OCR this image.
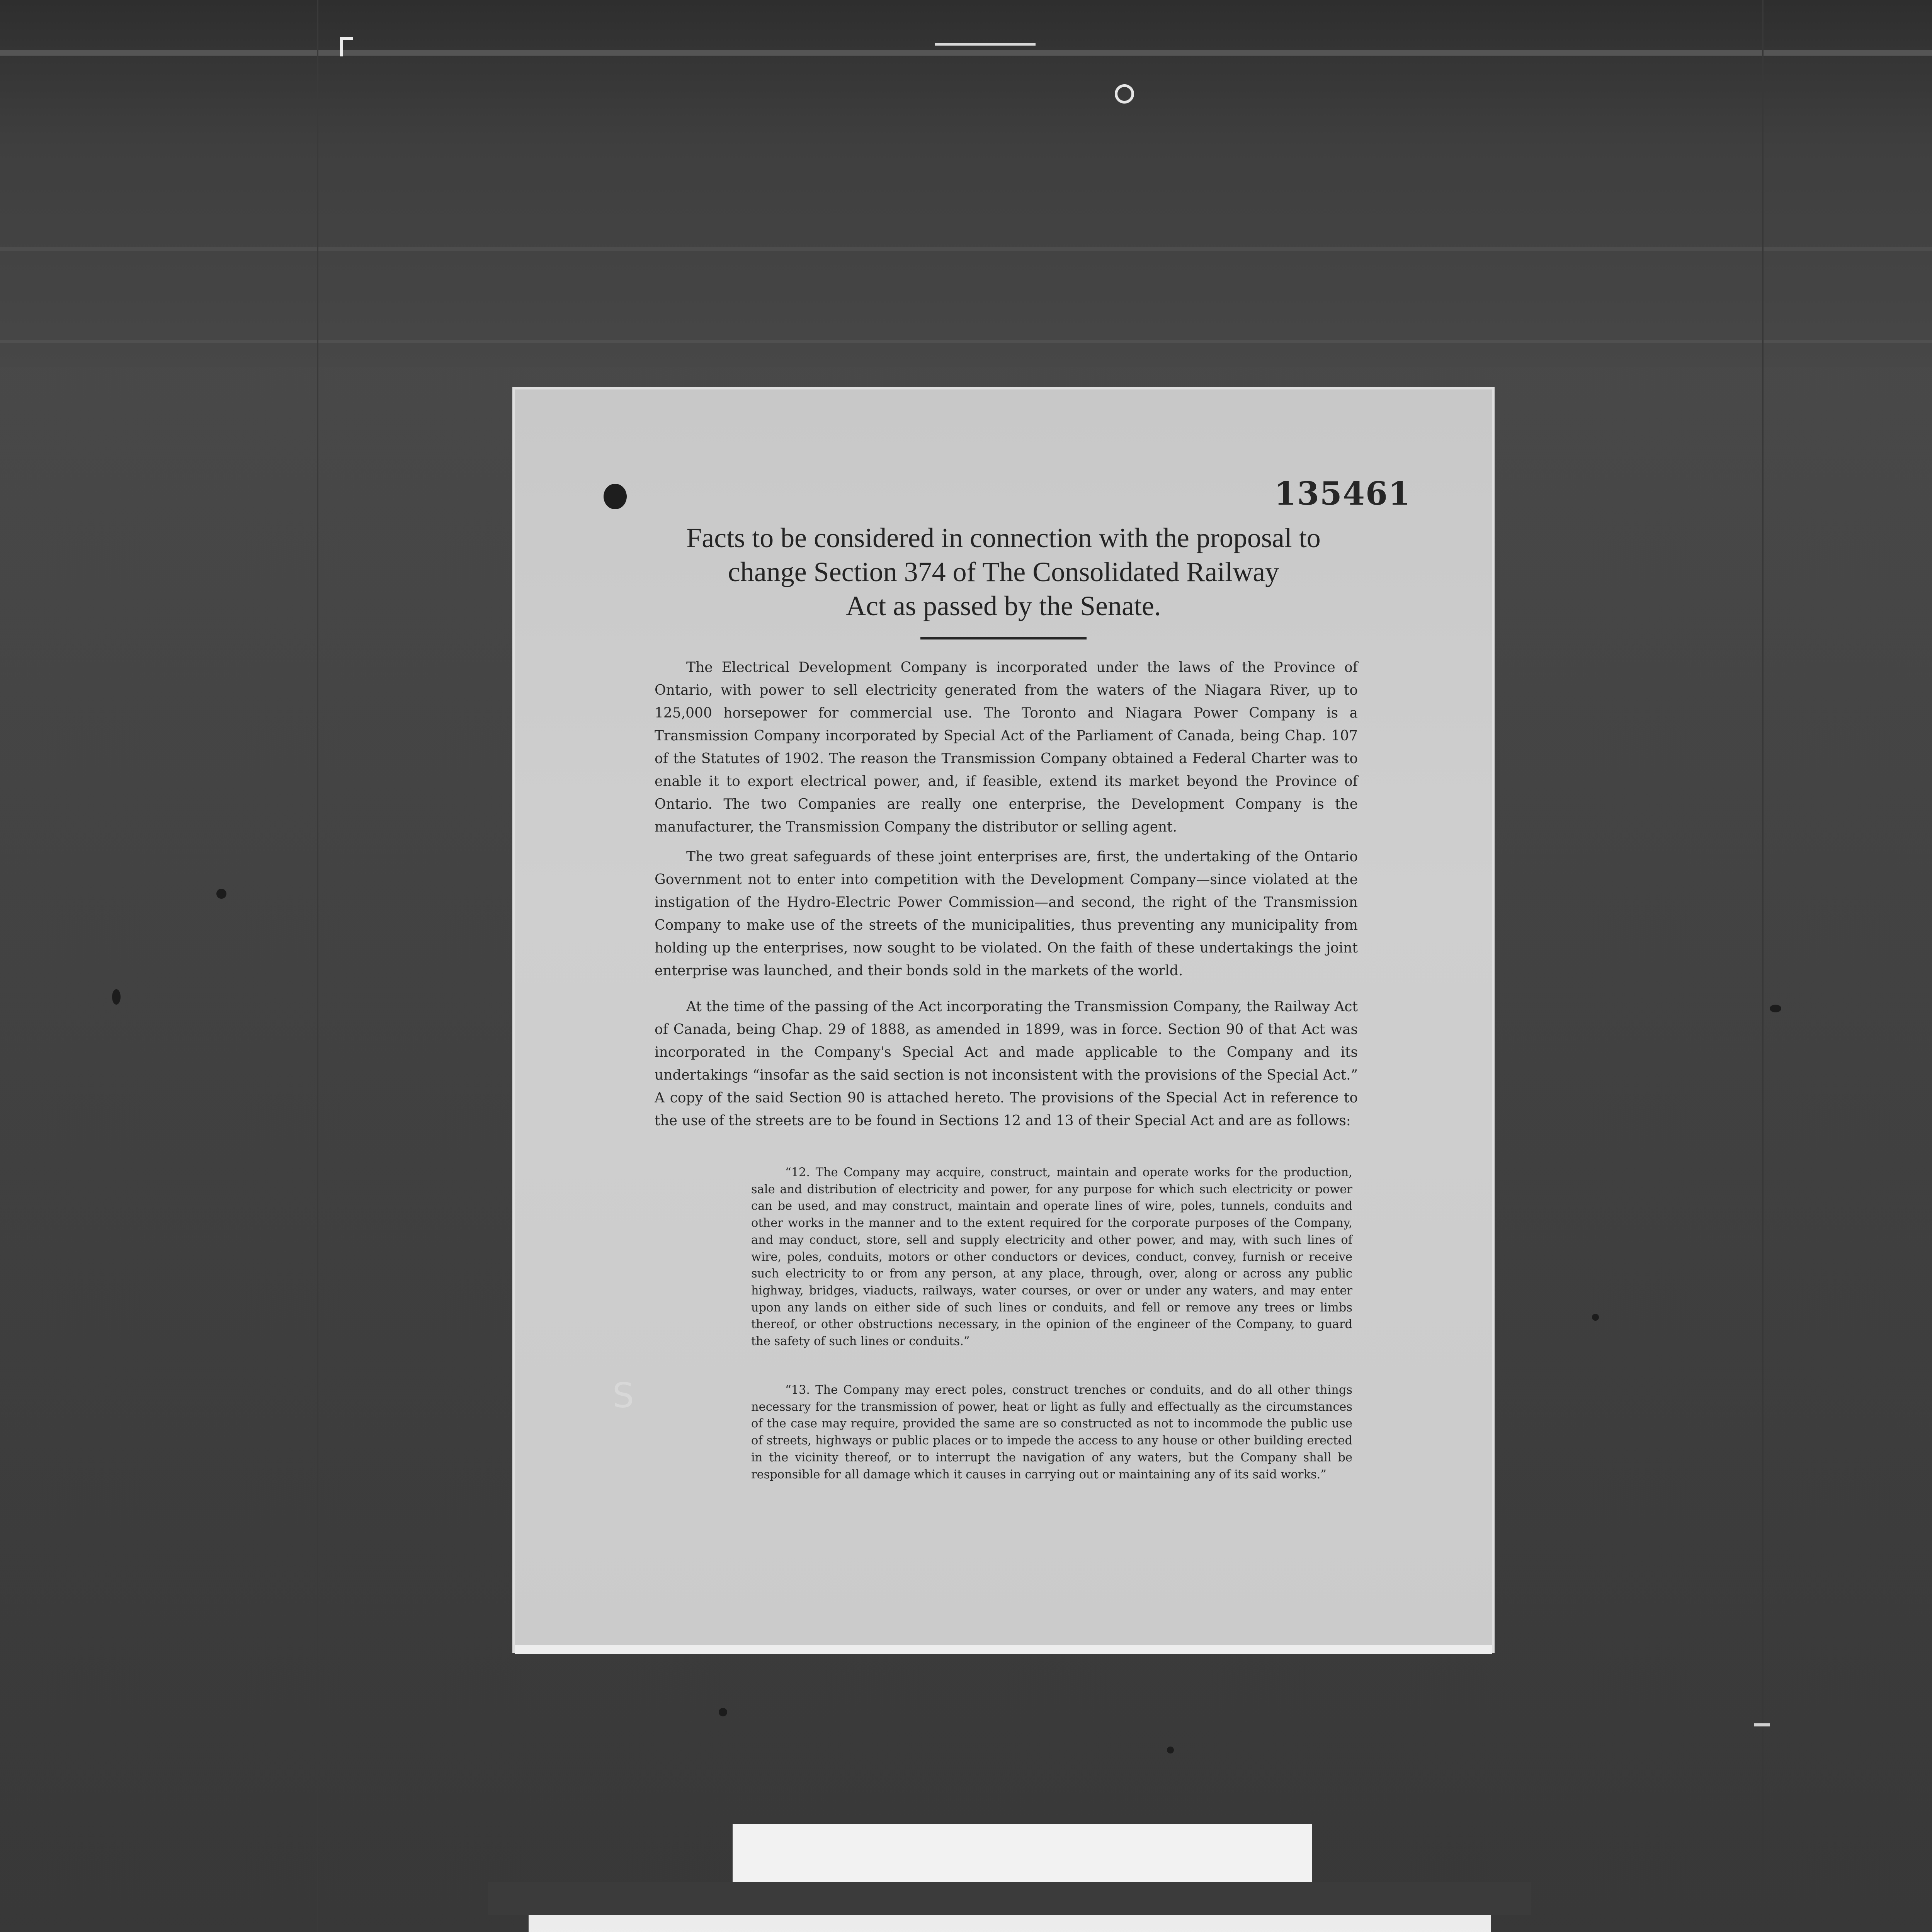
135461
Facts to be considered in connection with the proposal to
change Section 374 of The Consolidated Railway
Act as passed by the Senate.
The Electrical Development Company is incorporated under the laws of the Province of Ontario, with power to sell electricity generated from the waters of the Niagara River, up to 125,000 horsepower for commercial use. The Toronto and Niagara Power Company is a Transmission Company incorporated by Special Act of the Parliament of Canada, being Chap. 107 of the Statutes of 1902. The reason the Transmission Company obtained a Federal Charter was to enable it to export electrical power, and, if feasible, extend its market beyond the Province of Ontario. The two Companies are really one enterprise, the Development Company is the manufacturer, the Transmission Company the distributor or selling agent.
The two great safeguards of these joint enterprises are, first, the undertaking of the Ontario Government not to enter into competition with the Development Company—since violated at the instigation of the Hydro-Electric Power Commission—and second, the right of the Transmission Company to make use of the streets of the municipalities, thus preventing any municipality from holding up the enterprises, now sought to be violated. On the faith of these undertakings the joint enterprise was launched, and their bonds sold in the markets of the world.
At the time of the passing of the Act incorporating the Transmission Company, the Railway Act of Canada, being Chap. 29 of 1888, as amended in 1899, was in force. Section 90 of that Act was incorporated in the Company's Special Act and made applicable to the Company and its undertakings “insofar as the said section is not inconsistent with the provisions of the Special Act.” A copy of the said Section 90 is attached hereto. The provisions of the Special Act in reference to the use of the streets are to be found in Sections 12 and 13 of their Special Act and are as follows:
“12. The Company may acquire, construct, maintain and operate works for the production, sale and distribution of electricity and power, for any purpose for which such electricity or power can be used, and may construct, maintain and operate lines of wire, poles, tunnels, conduits and other works in the manner and to the extent required for the corporate purposes of the Company, and may conduct, store, sell and supply electricity and other power, and may, with such lines of wire, poles, conduits, motors or other conductors or devices, conduct, convey, furnish or receive such electricity to or from any person, at any place, through, over, along or across any public highway, bridges, viaducts, railways, water courses, or over or under any waters, and may enter upon any lands on either side of such lines or conduits, and fell or remove any trees or limbs thereof, or other obstructions necessary, in the opinion of the engineer of the Company, to guard the safety of such lines or conduits.”
“13. The Company may erect poles, construct trenches or conduits, and do all other things necessary for the transmission of power, heat or light as fully and effectually as the circumstances of the case may require, provided the same are so constructed as not to incommode the public use of streets, highways or public places or to impede the access to any house or other building erected in the vicinity thereof, or to interrupt the navigation of any waters, but the Company shall be responsible for all damage which it causes in carrying out or maintaining any of its said works.”
S
